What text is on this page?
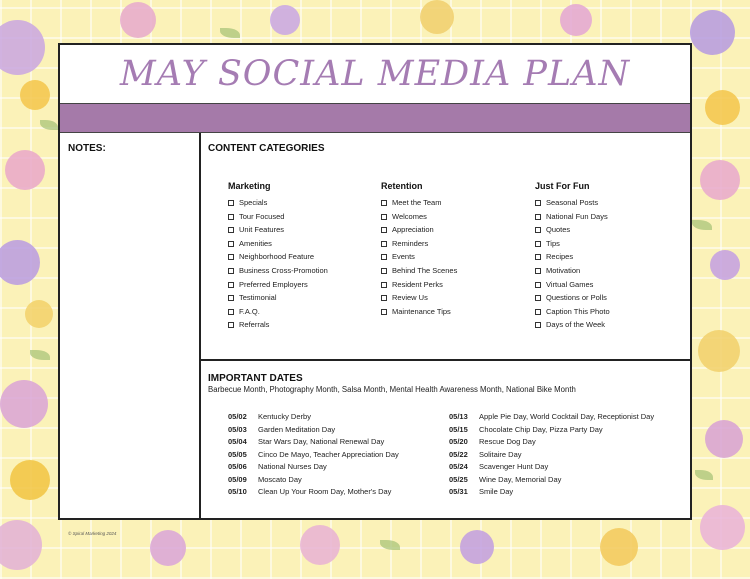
MAY SOCIAL MEDIA PLAN
NOTES:	CONTENT CATEGORIES
Marketing
Specials
Tour Focused
Unit Features
Amenities
Neighborhood Feature
Business Cross-Promotion
Preferred Employers
Testimonial
F.A.Q.
Referrals
Retention
Meet the Team
Welcomes
Appreciation
Reminders
Events
Behind The Scenes
Resident Perks
Review Us
Maintenance Tips
Just For Fun
Seasonal Posts
National Fun Days
Quotes
Tips
Recipes
Motivation
Virtual Games
Questions or Polls
Caption This Photo
Days of the Week
IMPORTANT DATES
Barbecue Month, Photography Month, Salsa Month, Mental Health Awareness Month, National Bike Month
05/02 Kentucky Derby
05/03 Garden Meditation Day
05/04 Star Wars Day, National Renewal Day
05/05 Cinco De Mayo, Teacher Appreciation Day
05/06 National Nurses Day
05/09 Moscato Day
05/10 Clean Up Your Room Day, Mother's Day
05/13 Apple Pie Day, World Cocktail Day, Receptionist Day
05/15 Chocolate Chip Day, Pizza Party Day
05/20 Rescue Dog Day
05/22 Solitaire Day
05/24 Scavenger Hunt Day
05/25 Wine Day, Memorial Day
05/31 Smile Day
© Spiral Marketing 2024
